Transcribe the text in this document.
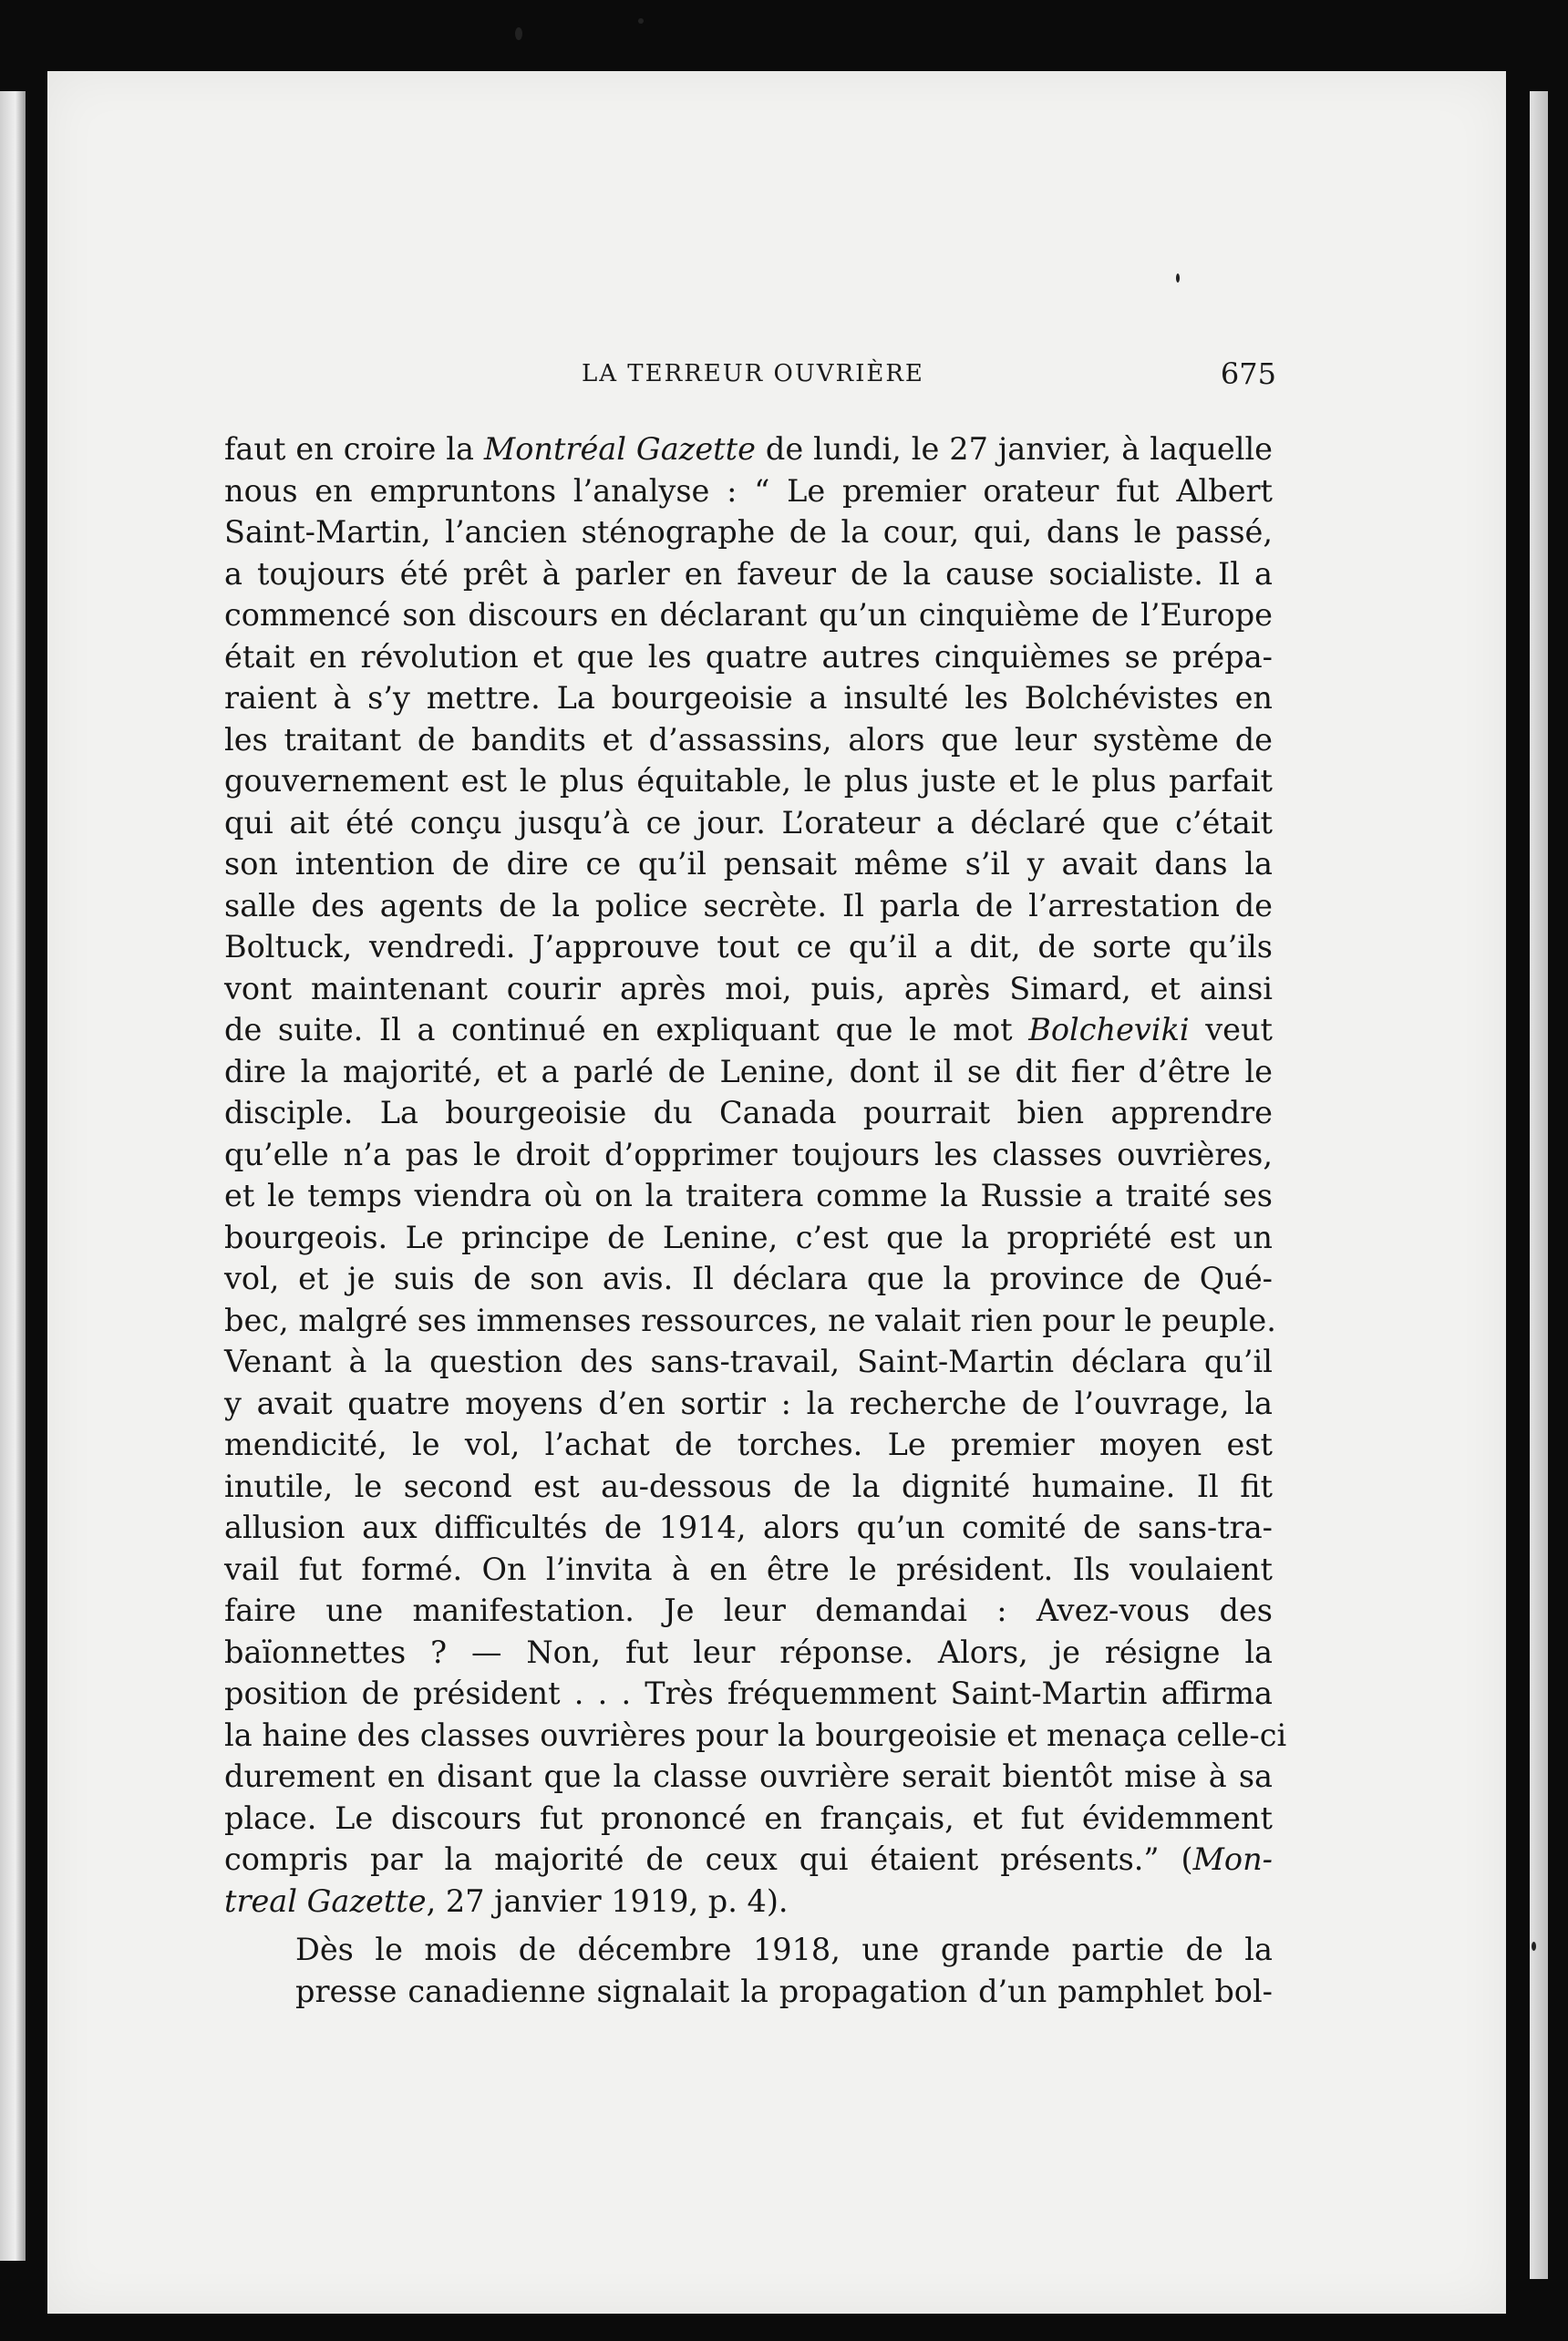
LA TERREUR OUVRIÈRE	675

faut en croire la Montréal Gazette de lundi, le 27 janvier, à laquelle
nous en empruntons l’analyse : “ Le premier orateur fut Albert
Saint-Martin, l’ancien sténographe de la cour, qui, dans le passé,
a toujours été prêt à parler en faveur de la cause socialiste. Il a
commencé son discours en déclarant qu’un cinquième de l’Europe
était en révolution et que les quatre autres cinquièmes se prépa-
raient à s’y mettre. La bourgeoisie a insulté les Bolchévistes en
les traitant de bandits et d’assassins, alors que leur système de
gouvernement est le plus équitable, le plus juste et le plus parfait
qui ait été conçu jusqu’à ce jour. L’orateur a déclaré que c’était
son intention de dire ce qu’il pensait même s’il y avait dans la
salle des agents de la police secrète. Il parla de l’arrestation de
Boltuck, vendredi. J’approuve tout ce qu’il a dit, de sorte qu’ils
vont maintenant courir après moi, puis, après Simard, et ainsi
de suite. Il a continué en expliquant que le mot Bolcheviki veut
dire la majorité, et a parlé de Lenine, dont il se dit fier d’être le
disciple. La bourgeoisie du Canada pourrait bien apprendre
qu’elle n’a pas le droit d’opprimer toujours les classes ouvrières,
et le temps viendra où on la traitera comme la Russie a traité ses
bourgeois. Le principe de Lenine, c’est que la propriété est un
vol, et je suis de son avis. Il déclara que la province de Qué-
bec, malgré ses immenses ressources, ne valait rien pour le peuple.
Venant à la question des sans-travail, Saint-Martin déclara qu’il
y avait quatre moyens d’en sortir : la recherche de l’ouvrage, la
mendicité, le vol, l’achat de torches. Le premier moyen est
inutile, le second est au-dessous de la dignité humaine. Il fit
allusion aux difficultés de 1914, alors qu’un comité de sans-tra-
vail fut formé. On l’invita à en être le président. Ils voulaient
faire une manifestation. Je leur demandai : Avez-vous des
baïonnettes ? — Non, fut leur réponse. Alors, je résigne la
position de président . . . Très fréquemment Saint-Martin affirma
la haine des classes ouvrières pour la bourgeoisie et menaça celle-ci
durement en disant que la classe ouvrière serait bientôt mise à sa
place. Le discours fut prononcé en français, et fut évidemment
compris par la majorité de ceux qui étaient présents.” (Mon-
treal Gazette, 27 janvier 1919, p. 4).

Dès le mois de décembre 1918, une grande partie de la
presse canadienne signalait la propagation d’un pamphlet bol-
